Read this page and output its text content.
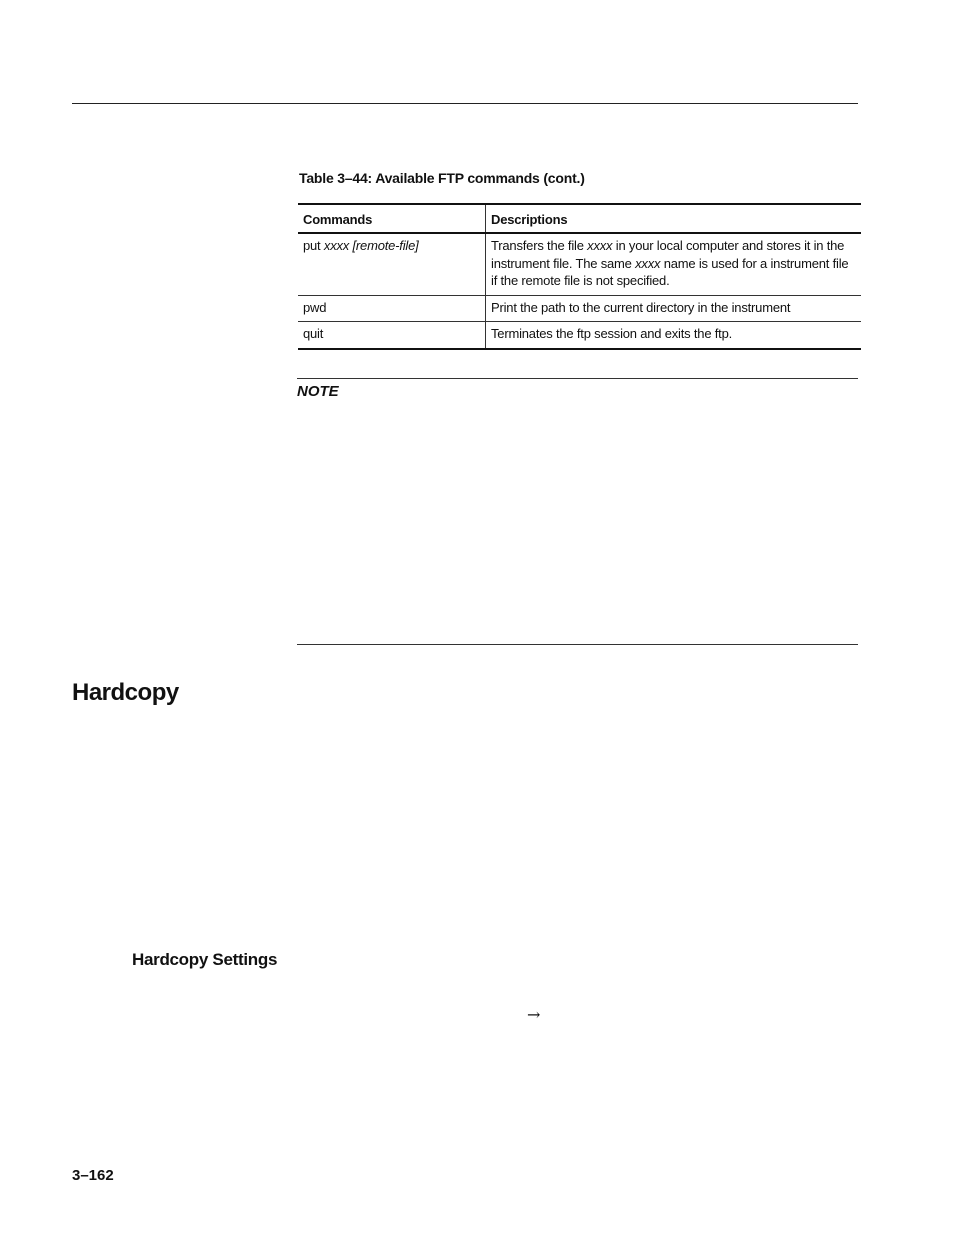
Table 3–44: Available FTP commands (cont.)
Commands	Descriptions
put xxxx [remote-file]	Transfers the file xxxx in your local computer and stores it in the instrument file. The same xxxx name is used for a instrument file if the remote file is not specified.
pwd	Print the path to the current directory in the instrument
quit	Terminates the ftp session and exits the ftp.
NOTE
Hardcopy
Hardcopy Settings
→
3–162
